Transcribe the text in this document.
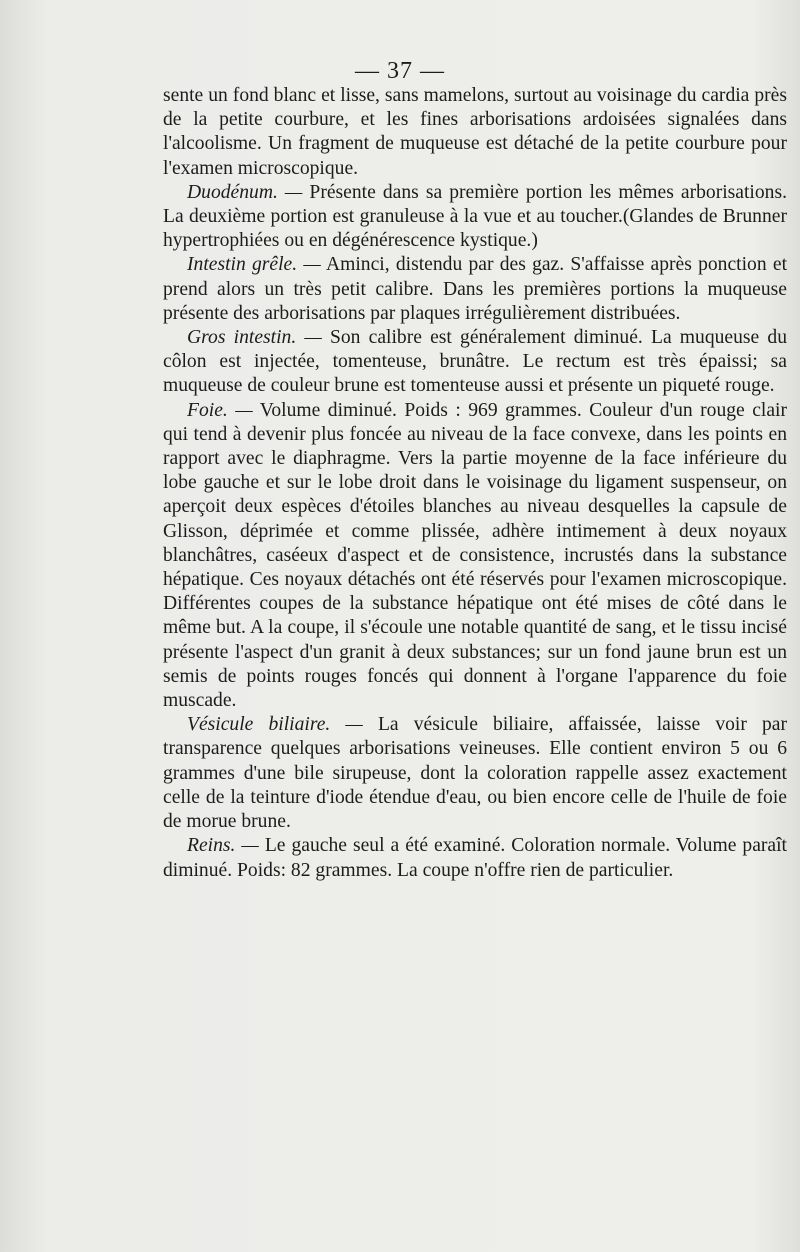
— 37 —

sente un fond blanc et lisse, sans mamelons, surtout au voisinage du cardia près de la petite courbure, et les fines arborisations ardoisées signalées dans l'alcoolisme. Un fragment de muqueuse est détaché de la petite courbure pour l'examen microscopique.

Duodénum. — Présente dans sa première portion les mêmes arborisations. La deuxième portion est granuleuse à la vue et au toucher.(Glandes de Brunner hypertrophiées ou en dégénérescence kystique.)

Intestin grêle. — Aminci, distendu par des gaz. S'affaisse après ponction et prend alors un très petit calibre. Dans les premières portions la muqueuse présente des arborisations par plaques irrégulièrement distribuées.

Gros intestin. — Son calibre est généralement diminué. La muqueuse du côlon est injectée, tomenteuse, brunâtre. Le rectum est très épaissi; sa muqueuse de couleur brune est tomenteuse aussi et présente un piqueté rouge.

Foie. — Volume diminué. Poids : 969 grammes. Couleur d'un rouge clair qui tend à devenir plus foncée au niveau de la face convexe, dans les points en rapport avec le diaphragme. Vers la partie moyenne de la face inférieure du lobe gauche et sur le lobe droit dans le voisinage du ligament suspenseur, on aperçoit deux espèces d'étoiles blanches au niveau desquelles la capsule de Glisson, déprimée et comme plissée, adhère intimement à deux noyaux blanchâtres, caséeux d'aspect et de consistence, incrustés dans la substance hépatique. Ces noyaux détachés ont été réservés pour l'examen microscopique. Différentes coupes de la substance hépatique ont été mises de côté dans le même but. A la coupe, il s'écoule une notable quantité de sang, et le tissu incisé présente l'aspect d'un granit à deux substances; sur un fond jaune brun est un semis de points rouges foncés qui donnent à l'organe l'apparence du foie muscade.

Vésicule biliaire. — La vésicule biliaire, affaissée, laisse voir par transparence quelques arborisations veineuses. Elle contient environ 5 ou 6 grammes d'une bile sirupeuse, dont la coloration rappelle assez exactement celle de la teinture d'iode étendue d'eau, ou bien encore celle de l'huile de foie de morue brune.

Reins. — Le gauche seul a été examiné. Coloration normale. Volume paraît diminué. Poids: 82 grammes. La coupe n'offre rien de particulier.
